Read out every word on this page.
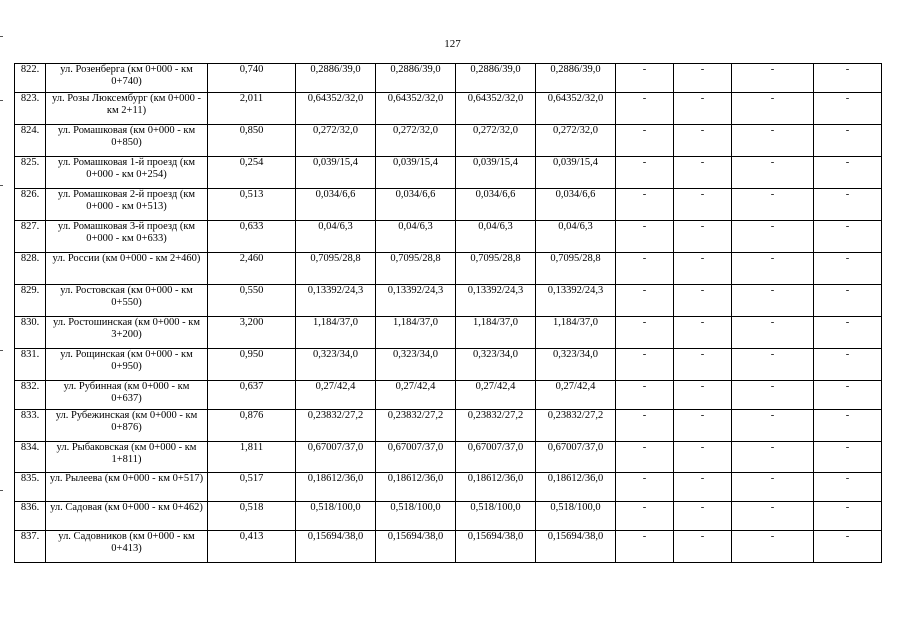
127
822.	ул. Розенберга (км 0+000 - км 0+740)	0,740	0,2886/39,0	0,2886/39,0	0,2886/39,0	0,2886/39,0	-	-	-	-
823.	ул. Розы Люксембург (км 0+000 - км 2+11)	2,011	0,64352/32,0	0,64352/32,0	0,64352/32,0	0,64352/32,0	-	-	-	-
824.	ул. Ромашковая (км 0+000 - км 0+850)	0,850	0,272/32,0	0,272/32,0	0,272/32,0	0,272/32,0	-	-	-	-
825.	ул. Ромашковая 1-й проезд (км 0+000 - км 0+254)	0,254	0,039/15,4	0,039/15,4	0,039/15,4	0,039/15,4	-	-	-	-
826.	ул. Ромашковая 2-й проезд (км 0+000 - км 0+513)	0,513	0,034/6,6	0,034/6,6	0,034/6,6	0,034/6,6	-	-	-	-
827.	ул. Ромашковая 3-й проезд (км 0+000 - км 0+633)	0,633	0,04/6,3	0,04/6,3	0,04/6,3	0,04/6,3	-	-	-	-
828.	ул. России (км 0+000 - км 2+460)	2,460	0,7095/28,8	0,7095/28,8	0,7095/28,8	0,7095/28,8	-	-	-	-
829.	ул. Ростовская (км 0+000 - км 0+550)	0,550	0,13392/24,3	0,13392/24,3	0,13392/24,3	0,13392/24,3	-	-	-	-
830.	ул. Ростошинская (км 0+000 - км 3+200)	3,200	1,184/37,0	1,184/37,0	1,184/37,0	1,184/37,0	-	-	-	-
831.	ул. Рощинская (км 0+000 - км 0+950)	0,950	0,323/34,0	0,323/34,0	0,323/34,0	0,323/34,0	-	-	-	-
832.	ул. Рубинная (км 0+000 - км 0+637)	0,637	0,27/42,4	0,27/42,4	0,27/42,4	0,27/42,4	-	-	-	-
833.	ул. Рубежинская (км 0+000 - км 0+876)	0,876	0,23832/27,2	0,23832/27,2	0,23832/27,2	0,23832/27,2	-	-	-	-
834.	ул. Рыбаковская (км 0+000 - км 1+811)	1,811	0,67007/37,0	0,67007/37,0	0,67007/37,0	0,67007/37,0	-	-	-	-
835.	ул. Рылеева (км 0+000 - км 0+517)	0,517	0,18612/36,0	0,18612/36,0	0,18612/36,0	0,18612/36,0	-	-	-	-
836.	ул. Садовая (км 0+000 - км 0+462)	0,518	0,518/100,0	0,518/100,0	0,518/100,0	0,518/100,0	-	-	-	-
837.	ул. Садовников (км 0+000 - км 0+413)	0,413	0,15694/38,0	0,15694/38,0	0,15694/38,0	0,15694/38,0	-	-	-	-
